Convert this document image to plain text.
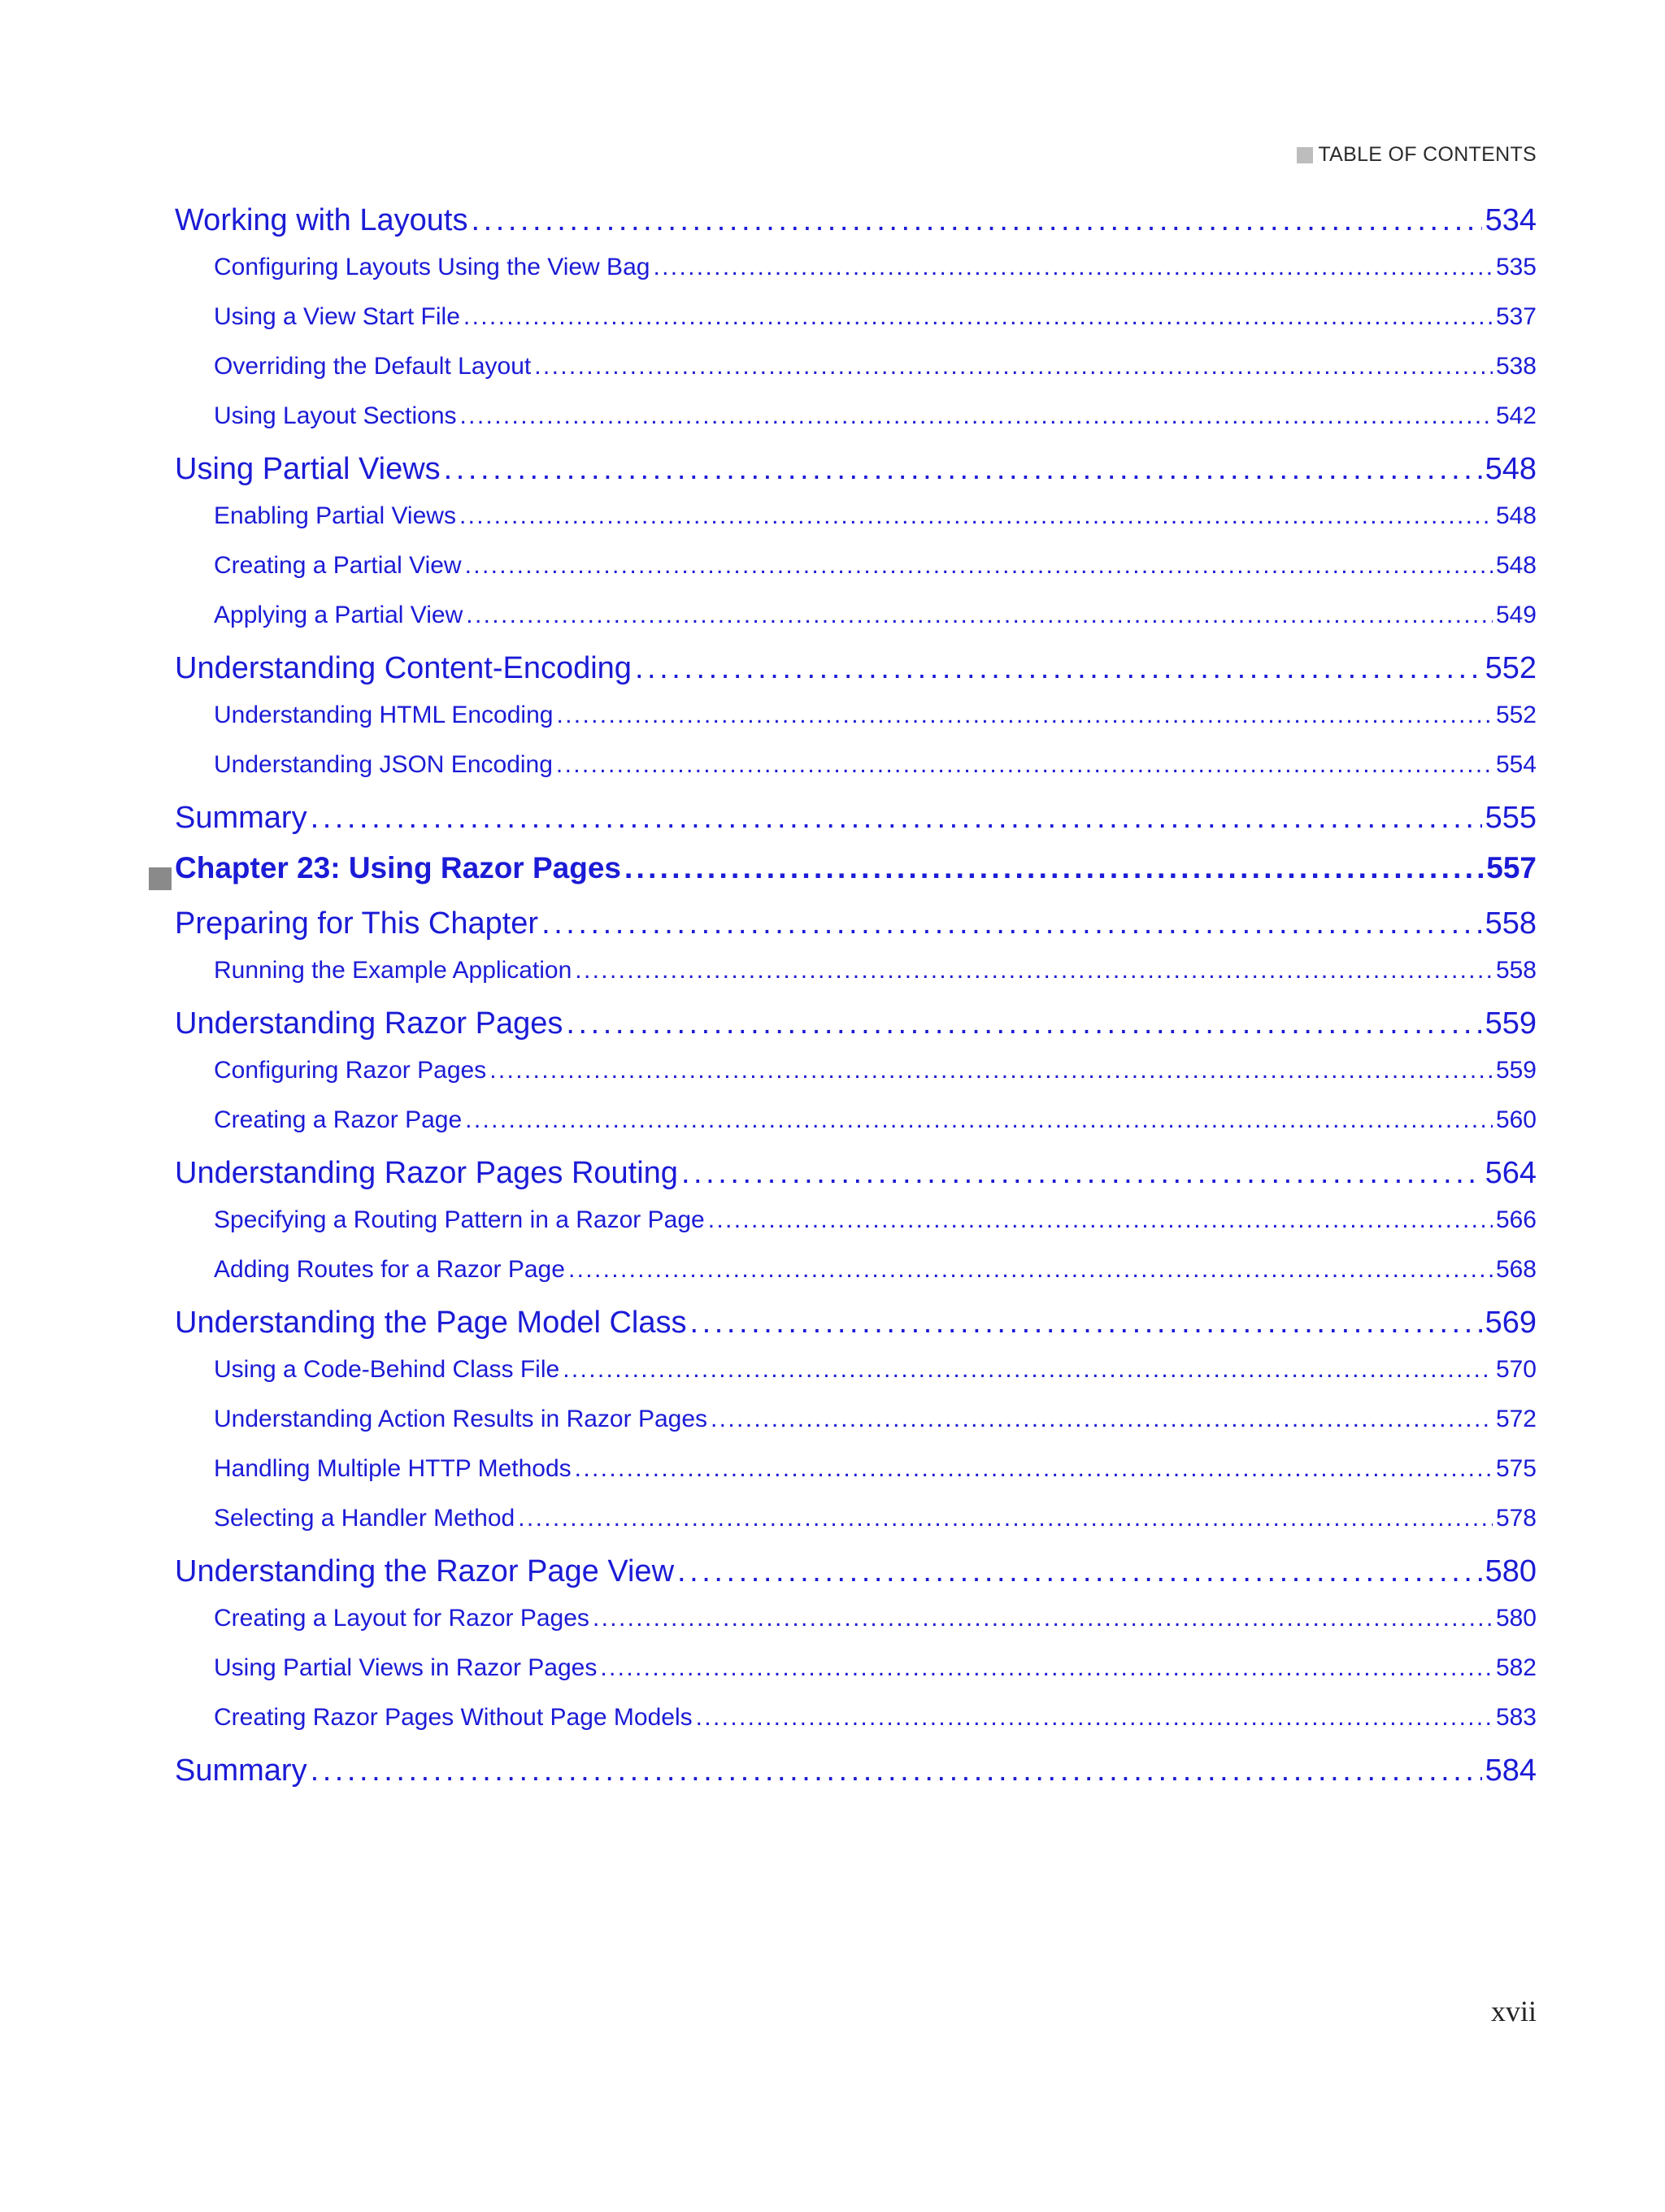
TABLE OF CONTENTS
Working with Layouts . . .	534
Configuring Layouts Using the View Bag . . .	535
Using a View Start File . . .	537
Overriding the Default Layout . . .	538
Using Layout Sections . . .	542
Using Partial Views . . .	548
Enabling Partial Views . . .	548
Creating a Partial View . . .	548
Applying a Partial View . . .	549
Understanding Content-Encoding . . .	552
Understanding HTML Encoding . . .	552
Understanding JSON Encoding . . .	554
Summary . . .	555
Chapter 23: Using Razor Pages . . .	557
Preparing for This Chapter . . .	558
Running the Example Application . . .	558
Understanding Razor Pages . . .	559
Configuring Razor Pages . . .	559
Creating a Razor Page . . .	560
Understanding Razor Pages Routing . . .	564
Specifying a Routing Pattern in a Razor Page . . .	566
Adding Routes for a Razor Page . . .	568
Understanding the Page Model Class . . .	569
Using a Code-Behind Class File . . .	570
Understanding Action Results in Razor Pages . . .	572
Handling Multiple HTTP Methods . . .	575
Selecting a Handler Method . . .	578
Understanding the Razor Page View . . .	580
Creating a Layout for Razor Pages . . .	580
Using Partial Views in Razor Pages . . .	582
Creating Razor Pages Without Page Models . . .	583
Summary . . .	584
xvii
